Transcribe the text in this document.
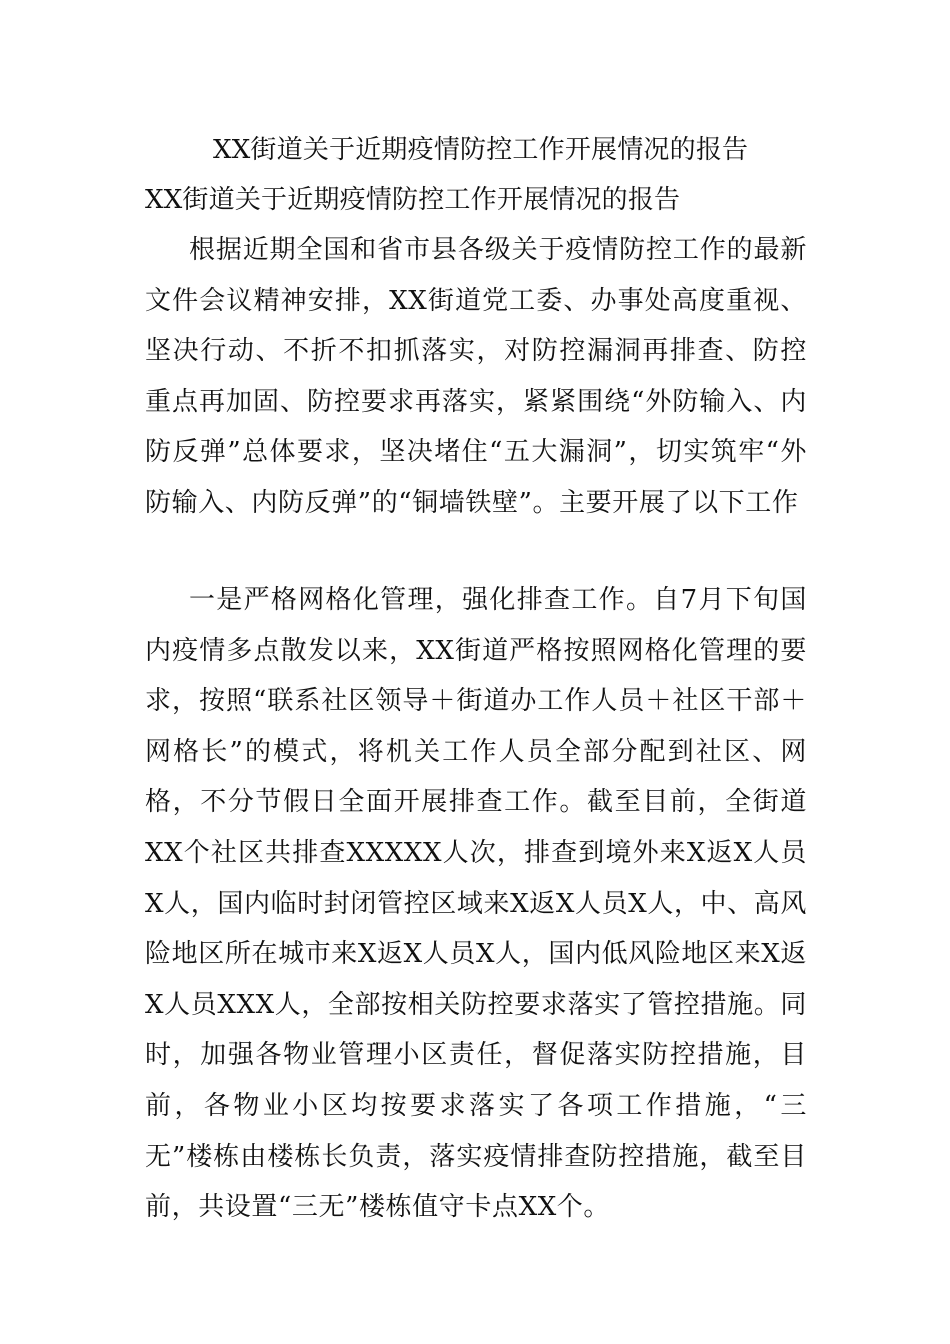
XX街道关于近期疫情防控工作开展情况的报告
XX街道关于近期疫情防控工作开展情况的报告

根据近期全国和省市县各级关于疫情防控工作的最新文件会议精神安排，XX街道党工委、办事处高度重视、坚决行动、不折不扣抓落实，对防控漏洞再排查、防控重点再加固、防控要求再落实，紧紧围绕“外防输入、内防反弹”总体要求，坚决堵住“五大漏洞”，切实筑牢“外防输入、内防反弹”的“铜墙铁壁”。主要开展了以下工作

一是严格网格化管理，强化排查工作。自7月下旬国内疫情多点散发以来，XX街道严格按照网格化管理的要求，按照“联系社区领导＋街道办工作人员＋社区干部＋网格长”的模式，将机关工作人员全部分配到社区、网格，不分节假日全面开展排查工作。截至目前，全街道XX个社区共排查XXXXX人次，排查到境外来X返X人员X人，国内临时封闭管控区域来X返X人员X人，中、高风险地区所在城市来X返X人员X人，国内低风险地区来X返X人员XXX人，全部按相关防控要求落实了管控措施。同时，加强各物业管理小区责任，督促落实防控措施，目前，各物业小区均按要求落实了各项工作措施，“三无”楼栋由楼栋长负责，落实疫情排查防控措施，截至目前，共设置“三无”楼栋值守卡点XX个。
